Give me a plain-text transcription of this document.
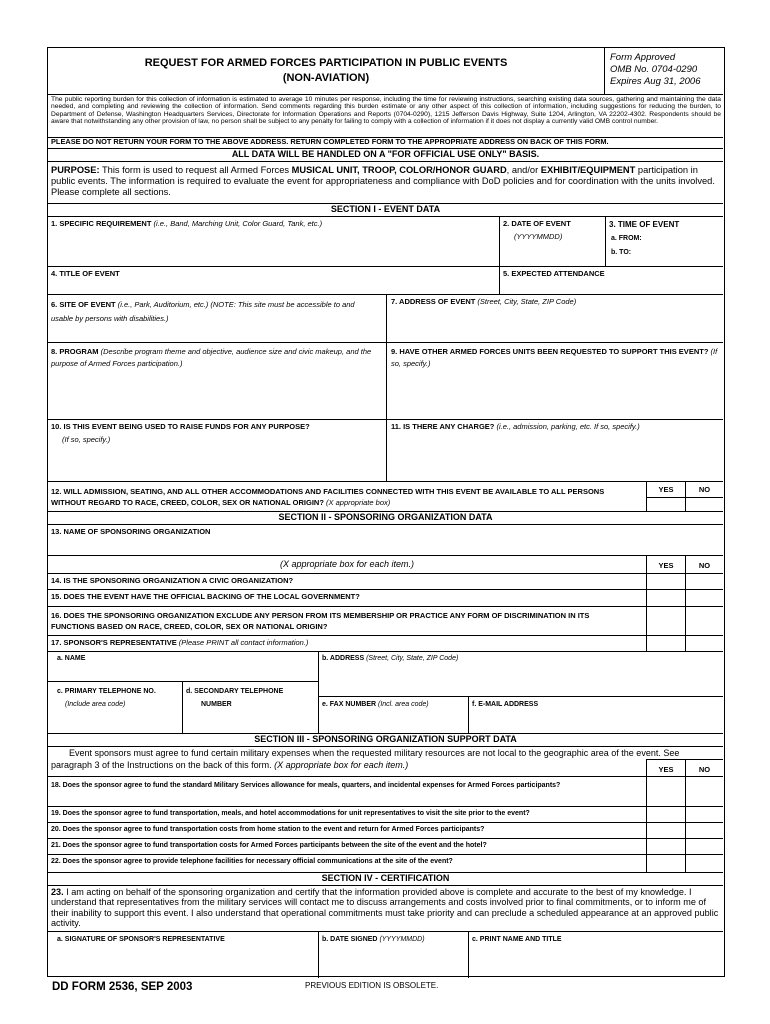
REQUEST FOR ARMED FORCES PARTICIPATION IN PUBLIC EVENTS
(NON-AVIATION)
Form Approved
OMB No. 0704-0290
Expires Aug 31, 2006
The public reporting burden for this collection of information is estimated to average 10 minutes per response, including the time for reviewing instructions, searching existing data sources, gathering and maintaining the data needed, and completing and reviewing the collection of information. Send comments regarding this burden estimate or any other aspect of this collection of information, including suggestions for reducing the burden, to Department of Defense, Washington Headquarters Services, Directorate for Information Operations and Reports (0704-0290), 1215 Jefferson Davis Highway, Suite 1204, Arlington, VA 22202-4302. Respondents should be aware that notwithstanding any other provision of law, no person shall be subject to any penalty for failing to comply with a collection of information if it does not display a currently valid OMB control number.
PLEASE DO NOT RETURN YOUR FORM TO THE ABOVE ADDRESS. RETURN COMPLETED FORM TO THE APPROPRIATE ADDRESS ON BACK OF THIS FORM.
ALL DATA WILL BE HANDLED ON A "FOR OFFICIAL USE ONLY" BASIS.
PURPOSE: This form is used to request all Armed Forces MUSICAL UNIT, TROOP, COLOR/HONOR GUARD, and/or EXHIBIT/EQUIPMENT participation in public events. The information is required to evaluate the event for appropriateness and compliance with DoD policies and for coordination with the units involved. Please complete all sections.
SECTION I - EVENT DATA
1. SPECIFIC REQUIREMENT (i.e., Band, Marching Unit, Color Guard, Tank, etc.)	2. DATE OF EVENT
(YYYYMMDD)
3. TIME OF EVENT
a. FROM:
b. TO:
4. TITLE OF EVENT	5. EXPECTED ATTENDANCE
6. SITE OF EVENT (i.e., Park, Auditorium, etc.) (NOTE: This site must be accessible to and usable by persons with disabilities.)
7. ADDRESS OF EVENT (Street, City, State, ZIP Code)
8. PROGRAM (Describe program theme and objective, audience size and civic makeup, and the purpose of Armed Forces participation.)
9. HAVE OTHER ARMED FORCES UNITS BEEN REQUESTED TO SUPPORT THIS EVENT? (If so, specify.)
10. IS THIS EVENT BEING USED TO RAISE FUNDS FOR ANY PURPOSE?
(If so, specify.)
11. IS THERE ANY CHARGE? (i.e., admission, parking, etc. If so, specify.)
12. WILL ADMISSION, SEATING, AND ALL OTHER ACCOMMODATIONS AND FACILITIES CONNECTED WITH THIS EVENT BE AVAILABLE TO ALL PERSONS WITHOUT REGARD TO RACE, CREED, COLOR, SEX OR NATIONAL ORIGIN? (X appropriate box)
YES	NO
SECTION II - SPONSORING ORGANIZATION DATA
13. NAME OF SPONSORING ORGANIZATION
(X appropriate box for each item.)	YES	NO
14. IS THE SPONSORING ORGANIZATION A CIVIC ORGANIZATION?
15. DOES THE EVENT HAVE THE OFFICIAL BACKING OF THE LOCAL GOVERNMENT?
16. DOES THE SPONSORING ORGANIZATION EXCLUDE ANY PERSON FROM ITS MEMBERSHIP OR PRACTICE ANY FORM OF DISCRIMINATION IN ITS FUNCTIONS BASED ON RACE, CREED, COLOR, SEX OR NATIONAL ORIGIN?
17. SPONSOR'S REPRESENTATIVE (Please PRINT all contact information.)
a. NAME	b. ADDRESS (Street, City, State, ZIP Code)
c. PRIMARY TELEPHONE NO.
(Include area code)
d. SECONDARY TELEPHONE
NUMBER	e. FAX NUMBER (Incl. area code)	f. E-MAIL ADDRESS
SECTION III - SPONSORING ORGANIZATION SUPPORT DATA
Event sponsors must agree to fund certain military expenses when the requested military resources are not local to the geographic area of the event. See paragraph 3 of the Instructions on the back of this form. (X appropriate box for each item.)	YES	NO
18. Does the sponsor agree to fund the standard Military Services allowance for meals, quarters, and incidental expenses for Armed Forces participants?
19. Does the sponsor agree to fund transportation, meals, and hotel accommodations for unit representatives to visit the site prior to the event?
20. Does the sponsor agree to fund transportation costs from home station to the event and return for Armed Forces participants?
21. Does the sponsor agree to fund transportation costs for Armed Forces participants between the site of the event and the hotel?
22. Does the sponsor agree to provide telephone facilities for necessary official communications at the site of the event?
SECTION IV - CERTIFICATION
23. I am acting on behalf of the sponsoring organization and certify that the information provided above is complete and accurate to the best of my knowledge. I understand that representatives from the military services will contact me to discuss arrangements and costs involved prior to final commitments, or to inform me of their inability to support this event. I also understand that operational commitments must take priority and can preclude a scheduled appearance at an approved public activity.
a. SIGNATURE OF SPONSOR'S REPRESENTATIVE	b. DATE SIGNED (YYYYMMDD)	c. PRINT NAME AND TITLE
DD FORM 2536, SEP 2003	PREVIOUS EDITION IS OBSOLETE.
